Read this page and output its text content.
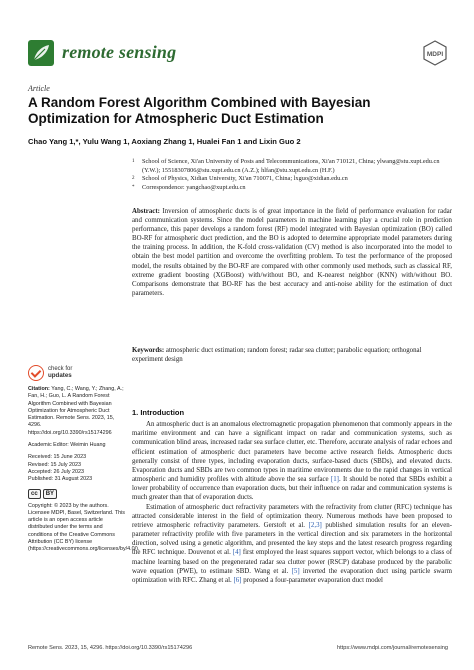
remote sensing	MDPI
Article
A Random Forest Algorithm Combined with Bayesian Optimization for Atmospheric Duct Estimation
Chao Yang 1,*, Yulu Wang 1, Aoxiang Zhang 1, Hualei Fan 1 and Lixin Guo 2
1 School of Science, Xi'an University of Posts and Telecommunications, Xi'an 710121, China; ylwang@stu.xupt.edu.cn (Y.W.); 15518307806@stu.xupt.edu.cn (A.Z.); hlfan@stu.xupt.edu.cn (H.F.)
2 School of Physics, Xidian University, Xi'an 710071, China; lxguo@xidian.edu.cn
* Correspondence: yangchao@xupt.edu.cn
Abstract: Inversion of atmospheric ducts is of great importance in the field of performance evaluation for radar and communication systems. Since the model parameters in machine learning play a crucial role in prediction performance, this paper develops a random forest (RF) model integrated with Bayesian optimization (BO) called BO-RF for atmospheric duct prediction, and the BO is adopted to determine appropriate model parameters during the training process. In addition, the K-fold cross-validation (CV) method is also incorporated into the model to obtain the best model partition and overcome the overfitting problem. To test the performance of the proposed model, the results obtained by the BO-RF are compared with other commonly used methods, such as classical RF, extreme gradient boosting (XGBoost) with/without BO, and K-nearest neighbor (KNN) with/without BO. Comparisons demonstrate that BO-RF has the best accuracy and anti-noise ability for the estimation of duct parameters.
Keywords: atmospheric duct estimation; random forest; radar sea clutter; parabolic equation; orthogonal experiment design
check for
updates
Citation: Yang, C.; Wang, Y.; Zhang, A.; Fan, H.; Guo, L. A Random Forest Algorithm Combined with Bayesian Optimization for Atmospheric Duct Estimation. Remote Sens. 2023, 15, 4296. https://doi.org/10.3390/rs15174296
Academic Editor: Weimin Huang
Received: 15 June 2023
Revised: 15 July 2023
Accepted: 26 July 2023
Published: 31 August 2023
cc	BY
Copyright: © 2023 by the authors. Licensee MDPI, Basel, Switzerland. This article is an open access article distributed under the terms and conditions of the Creative Commons Attribution (CC BY) license (https://creativecommons.org/licenses/by/4.0/).
1. Introduction

An atmospheric duct is an anomalous electromagnetic propagation phenomenon that commonly appears in the maritime environment and can have a significant impact on radar and communication systems, such as communication blind areas, increased radar sea surface clutter, etc. Therefore, accurate analysis of radar echoes and efficient estimation of atmospheric duct parameters have become active research fields. Atmospheric ducts generally consist of three types, including evaporation ducts, surface-based ducts (SBDs), and elevated ducts. Evaporation ducts and SBDs are two common types in maritime environments due to the rapid changes in vertical atmospheric and humidity profiles with altitude above the sea surface [1]. It should be noted that SBDs exhibit a lower probability of occurrence than evaporation ducts, but their influence on radar and communication systems is much greater than that of evaporation ducts.

Estimation of atmospheric duct refractivity parameters with the refractivity from clutter (RFC) technique has attracted considerable interest in the field of optimization theory. Numerous methods have been proposed to retrieve atmospheric refractivity parameters. Gerstoft et al. [2,3] published simulation results for an eleven-parameter refractivity profile with five parameters in the vertical direction and six parameters in the horizontal direction, solved using a genetic algorithm, and presented the key steps and the latest research progress regarding the RFC technique. Douvenot et al. [4] first employed the least squares support vector, which belongs to a class of machine learning based on the pregenerated radar sea clutter power (RSCP) database produced by the parabolic wave equation (PWE), to estimate SBD. Wang et al. [5] inverted the evaporation duct using particle swarm optimization with RFC. Zhang et al. [6] proposed a four-parameter evaporation duct model

Remote Sens. 2023, 15, 4296. https://doi.org/10.3390/rs15174296	https://www.mdpi.com/journal/remotesensing
